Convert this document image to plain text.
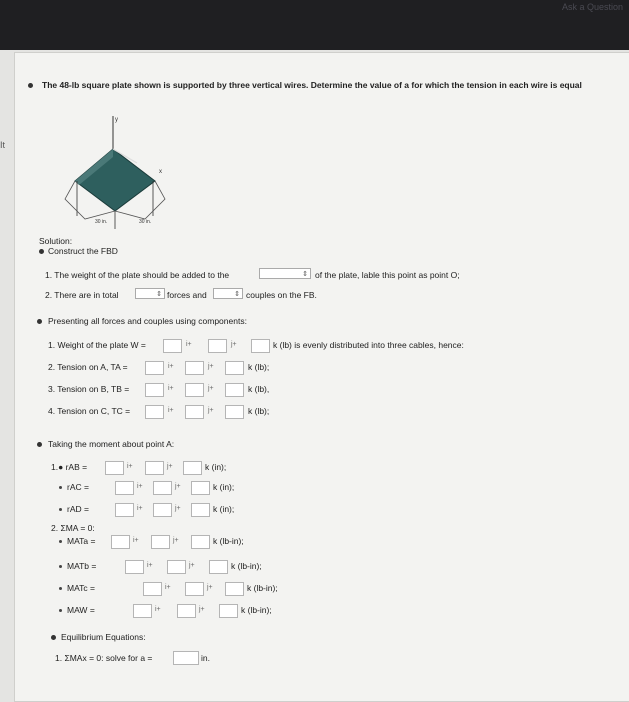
Ask a Question
It
The 48-lb square plate shown is supported by three vertical wires. Determine the value of a for which the tension in each wire is equal
y
x
30 in.	30 in.
Solution:
Construct the FBD
1. The weight of the plate should be added to the	⇕ of the plate, lable this point as point O;
2. There are in total	⇕ forces and	⇕ couples on the FB.
Presenting all forces and couples using components:
1. Weight of the plate W =	i+	j+	k (lb) is evenly distributed into three cables, hence:
2. Tension on A, TA =	i+	j+	k (lb);
3. Tension on B, TB =	i+	j+	k (lb),
4. Tension on C, TC =	i+	j+	k (lb);
Taking the moment about point A:
1.● rAB =	i+	j+	k (in);
rAC =	i+	j+	k (in);
rAD =	i+	j+	k (in);
2. ΣMA = 0:
MATa =	i+	j+	k (lb-in);
MATb =	i+	j+	k (lb-in);
MATc =	i+	j+	k (lb-in);
MAW =	i+	j+	k (lb-in);
Equilibrium Equations:
1. ΣMAx = 0: solve for a =	in.
